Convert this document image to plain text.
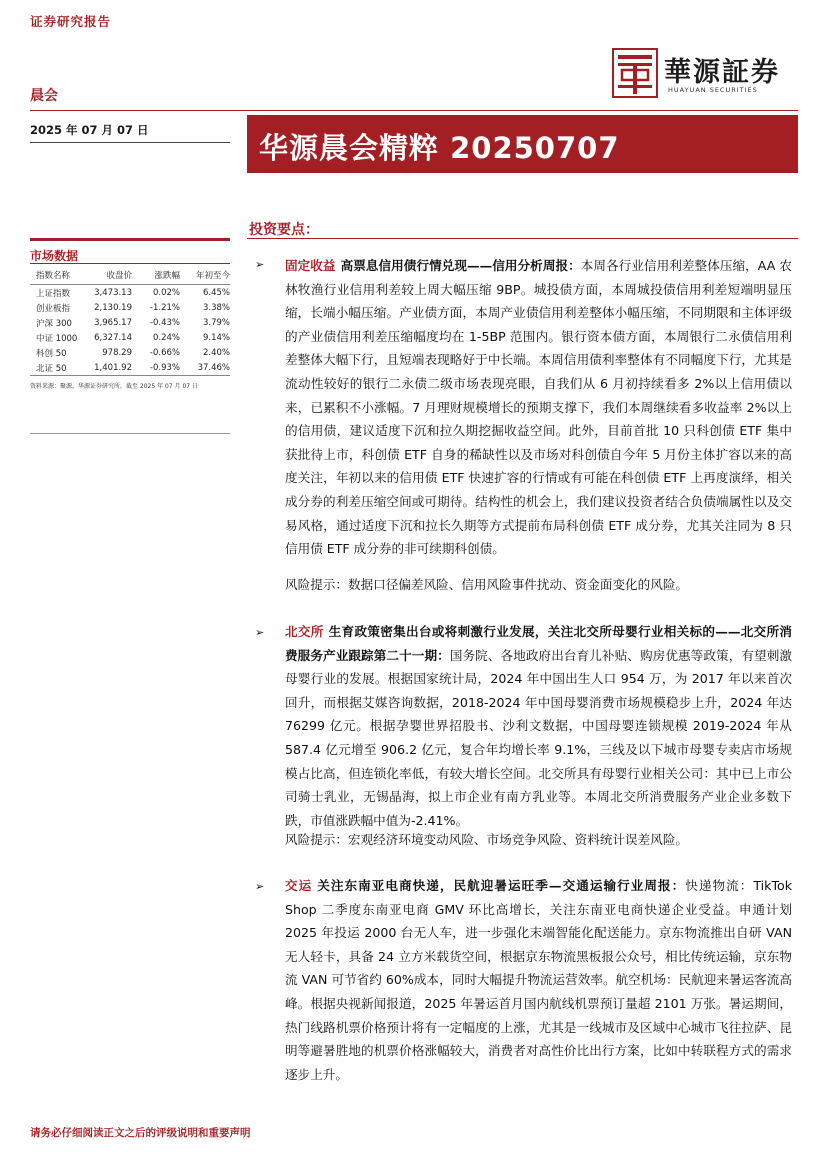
证券研究报告
華源証券
HUAYUAN SECURITIES
晨会
2025 年 07 月 07 日
华源晨会精粹 20250707
市场数据
指数名称	收盘价	涨跌幅	年初至今
上证指数	3,473.13	0.02%	6.45%
创业板指	2,130.19	-1.21%	3.38%
沪深 300	3,965.17	-0.43%	3.79%
中证 1000	6,327.14	0.24%	9.14%
科创 50	978.29	-0.66%	2.40%
北证 50	1,401.92	-0.93%	37.46%
资料来源：聚源，华源证券研究所，截至 2025 年 07 月 07 日
投资要点：
➢ 固定收益 高票息信用债行情兑现——信用分析周报：本周各行业信用利差整体压缩，AA 农林牧渔行业信用利差较上周大幅压缩 9BP。城投债方面，本周城投债信用利差短端明显压缩，长端小幅压缩。产业债方面，本周产业债信用利差整体小幅压缩，不同期限和主体评级的产业债信用利差压缩幅度均在 1-5BP 范围内。银行资本债方面，本周银行二永债信用利差整体大幅下行，且短端表现略好于中长端。本周信用债利率整体有不同幅度下行，尤其是流动性较好的银行二永债二级市场表现亮眼，自我们从 6 月初持续看多 2%以上信用债以来，已累积不小涨幅。7 月理财规模增长的预期支撑下，我们本周继续看多收益率 2%以上的信用债，建议适度下沉和拉久期挖掘收益空间。此外，目前首批 10 只科创债 ETF 集中获批待上市，科创债 ETF 自身的稀缺性以及市场对科创债自今年 5 月份主体扩容以来的高度关注，年初以来的信用债 ETF 快速扩容的行情或有可能在科创债 ETF 上再度演绎，相关成分券的利差压缩空间或可期待。结构性的机会上，我们建议投资者结合负债端属性以及交易风格，通过适度下沉和拉长久期等方式提前布局科创债 ETF 成分券，尤其关注同为 8 只信用债 ETF 成分券的非可续期科创债。
风险提示：数据口径偏差风险、信用风险事件扰动、资金面变化的风险。
➢ 北交所 生育政策密集出台或将刺激行业发展，关注北交所母婴行业相关标的——北交所消费服务产业跟踪第二十一期：国务院、各地政府出台育儿补贴、购房优惠等政策，有望刺激母婴行业的发展。根据国家统计局，2024 年中国出生人口 954 万，为 2017 年以来首次回升，而根据艾媒咨询数据，2018-2024 年中国母婴消费市场规模稳步上升，2024 年达 76299 亿元。根据孕婴世界招股书、沙利文数据，中国母婴连锁规模 2019-2024 年从 587.4 亿元增至 906.2 亿元，复合年均增长率 9.1%，三线及以下城市母婴专卖店市场规模占比高，但连锁化率低，有较大增长空间。北交所具有母婴行业相关公司：其中已上市公司骑士乳业，无锡晶海，拟上市企业有南方乳业等。本周北交所消费服务产业企业多数下跌，市值涨跌幅中值为-2.41%。
风险提示：宏观经济环境变动风险、市场竞争风险、资料统计误差风险。
➢ 交运 关注东南亚电商快递，民航迎暑运旺季—交通运输行业周报：快递物流：TikTok Shop 二季度东南亚电商 GMV 环比高增长，关注东南亚电商快递企业受益。申通计划 2025 年投运 2000 台无人车，进一步强化末端智能化配送能力。京东物流推出自研 VAN 无人轻卡，具备 24 立方米载货空间，根据京东物流黑板报公众号，相比传统运输，京东物流 VAN 可节省约 60%成本，同时大幅提升物流运营效率。航空机场：民航迎来暑运客流高峰。根据央视新闻报道，2025 年暑运首月国内航线机票预订量超 2101 万张。暑运期间，热门线路机票价格预计将有一定幅度的上涨，尤其是一线城市及区域中心城市飞往拉萨、昆明等避暑胜地的机票价格涨幅较大，消费者对高性价比出行方案，比如中转联程方式的需求逐步上升。
请务必仔细阅读正文之后的评级说明和重要声明
